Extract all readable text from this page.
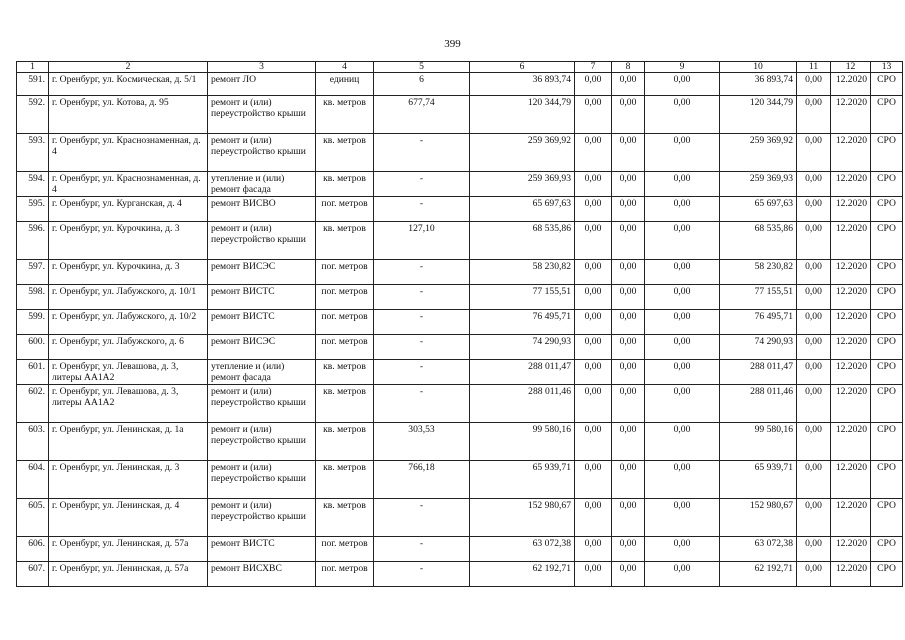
399
1	2	3	4	5	6	7	8	9	10	11	12	13
591.	г. Оренбург, ул. Космическая, д. 5/1	ремонт ЛО	единиц	6	36 893,74	0,00	0,00	0,00	36 893,74	0,00	12.2020	СРО
592.	г. Оренбург, ул. Котова, д. 95	ремонт и (или) переустройство крыши	кв. метров	677,74	120 344,79	0,00	0,00	0,00	120 344,79	0,00	12.2020	СРО
593.	г. Оренбург, ул. Краснознаменная, д. 4	ремонт и (или) переустройство крыши	кв. метров	-	259 369,92	0,00	0,00	0,00	259 369,92	0,00	12.2020	СРО
594.	г. Оренбург, ул. Краснознаменная, д. 4	утепление и (или) ремонт фасада	кв. метров	-	259 369,93	0,00	0,00	0,00	259 369,93	0,00	12.2020	СРО
595.	г. Оренбург, ул. Курганская, д. 4	ремонт ВИСВО	пог. метров	-	65 697,63	0,00	0,00	0,00	65 697,63	0,00	12.2020	СРО
596.	г. Оренбург, ул. Курочкина, д. 3	ремонт и (или) переустройство крыши	кв. метров	127,10	68 535,86	0,00	0,00	0,00	68 535,86	0,00	12.2020	СРО
597.	г. Оренбург, ул. Курочкина, д. 3	ремонт ВИСЭС	пог. метров	-	58 230,82	0,00	0,00	0,00	58 230,82	0,00	12.2020	СРО
598.	г. Оренбург, ул. Лабужского, д. 10/1	ремонт ВИСТС	пог. метров	-	77 155,51	0,00	0,00	0,00	77 155,51	0,00	12.2020	СРО
599.	г. Оренбург, ул. Лабужского, д. 10/2	ремонт ВИСТС	пог. метров	-	76 495,71	0,00	0,00	0,00	76 495,71	0,00	12.2020	СРО
600.	г. Оренбург, ул. Лабужского, д. 6	ремонт ВИСЭС	пог. метров	-	74 290,93	0,00	0,00	0,00	74 290,93	0,00	12.2020	СРО
601.	г. Оренбург, ул. Левашова, д. 3, литеры АА1А2	утепление и (или) ремонт фасада	кв. метров	-	288 011,47	0,00	0,00	0,00	288 011,47	0,00	12.2020	СРО
602.	г. Оренбург, ул. Левашова, д. 3, литеры АА1А2	ремонт и (или) переустройство крыши	кв. метров	-	288 011,46	0,00	0,00	0,00	288 011,46	0,00	12.2020	СРО
603.	г. Оренбург, ул. Ленинская, д. 1а	ремонт и (или) переустройство крыши	кв. метров	303,53	99 580,16	0,00	0,00	0,00	99 580,16	0,00	12.2020	СРО
604.	г. Оренбург, ул. Ленинская, д. 3	ремонт и (или) переустройство крыши	кв. метров	766,18	65 939,71	0,00	0,00	0,00	65 939,71	0,00	12.2020	СРО
605.	г. Оренбург, ул. Ленинская, д. 4	ремонт и (или) переустройство крыши	кв. метров	-	152 980,67	0,00	0,00	0,00	152 980,67	0,00	12.2020	СРО
606.	г. Оренбург, ул. Ленинская, д. 57а	ремонт ВИСТС	пог. метров	-	63 072,38	0,00	0,00	0,00	63 072,38	0,00	12.2020	СРО
607.	г. Оренбург, ул. Ленинская, д. 57а	ремонт ВИСХВС	пог. метров	-	62 192,71	0,00	0,00	0,00	62 192,71	0,00	12.2020	СРО
